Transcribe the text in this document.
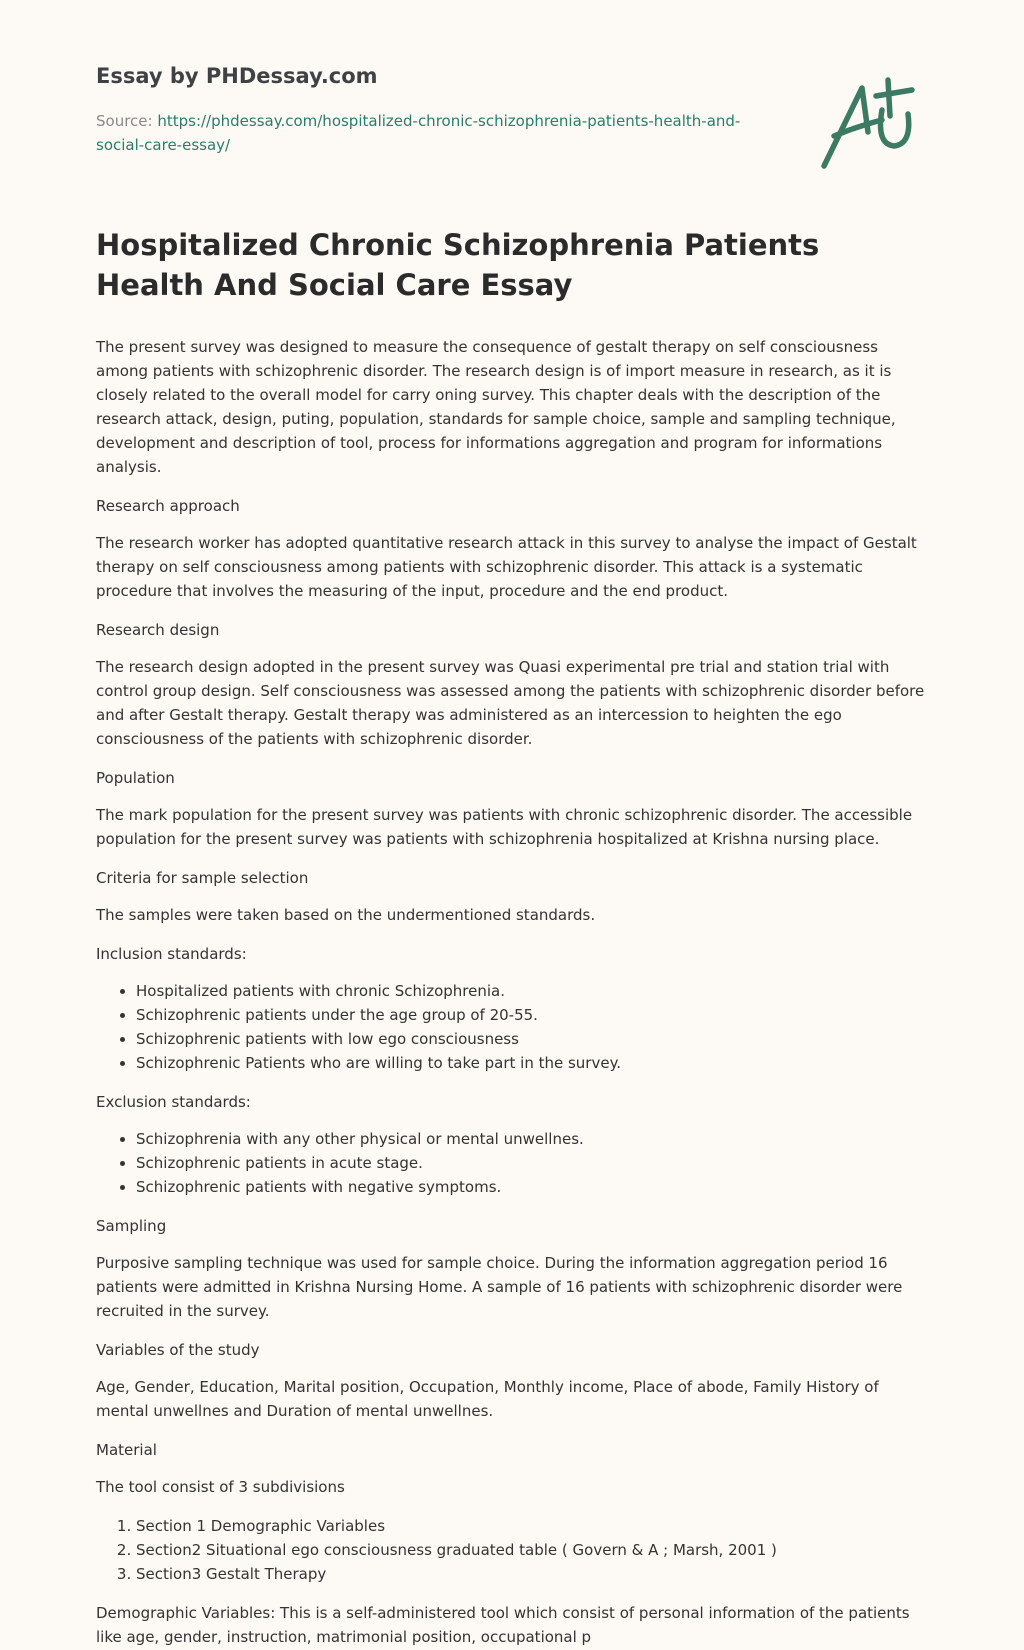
Essay by PHDessay.com
Source: https://phdessay.com/hospitalized-chronic-schizophrenia-patients-health-and-social-care-essay/
Hospitalized Chronic Schizophrenia Patients Health And Social Care Essay

The present survey was designed to measure the consequence of gestalt therapy on self consciousness among patients with schizophrenic disorder. The research design is of import measure in research, as it is closely related to the overall model for carry oning survey. This chapter deals with the description of the research attack, design, puting, population, standards for sample choice, sample and sampling technique, development and description of tool, process for informations aggregation and program for informations analysis.

Research approach

The research worker has adopted quantitative research attack in this survey to analyse the impact of Gestalt therapy on self consciousness among patients with schizophrenic disorder. This attack is a systematic procedure that involves the measuring of the input, procedure and the end product.

Research design

The research design adopted in the present survey was Quasi experimental pre trial and station trial with control group design. Self consciousness was assessed among the patients with schizophrenic disorder before and after Gestalt therapy. Gestalt therapy was administered as an intercession to heighten the ego consciousness of the patients with schizophrenic disorder.

Population

The mark population for the present survey was patients with chronic schizophrenic disorder. The accessible population for the present survey was patients with schizophrenia hospitalized at Krishna nursing place.

Criteria for sample selection

The samples were taken based on the undermentioned standards.

Inclusion standards:

• Hospitalized patients with chronic Schizophrenia.
• Schizophrenic patients under the age group of 20-55.
• Schizophrenic patients with low ego consciousness
• Schizophrenic Patients who are willing to take part in the survey.

Exclusion standards:

• Schizophrenia with any other physical or mental unwellnes.
• Schizophrenic patients in acute stage.
• Schizophrenic patients with negative symptoms.

Sampling

Purposive sampling technique was used for sample choice. During the information aggregation period 16 patients were admitted in Krishna Nursing Home. A sample of 16 patients with schizophrenic disorder were recruited in the survey.

Variables of the study

Age, Gender, Education, Marital position, Occupation, Monthly income, Place of abode, Family History of mental unwellnes and Duration of mental unwellnes.

Material

The tool consist of 3 subdivisions

1. Section 1 Demographic Variables
2. Section2 Situational ego consciousness graduated table ( Govern & A ; Marsh, 2001 )
3. Section3 Gestalt Therapy

Demographic Variables: This is a self-administered tool which consist of personal information of the patients like age, gender, instruction, matrimonial position, occupational p
